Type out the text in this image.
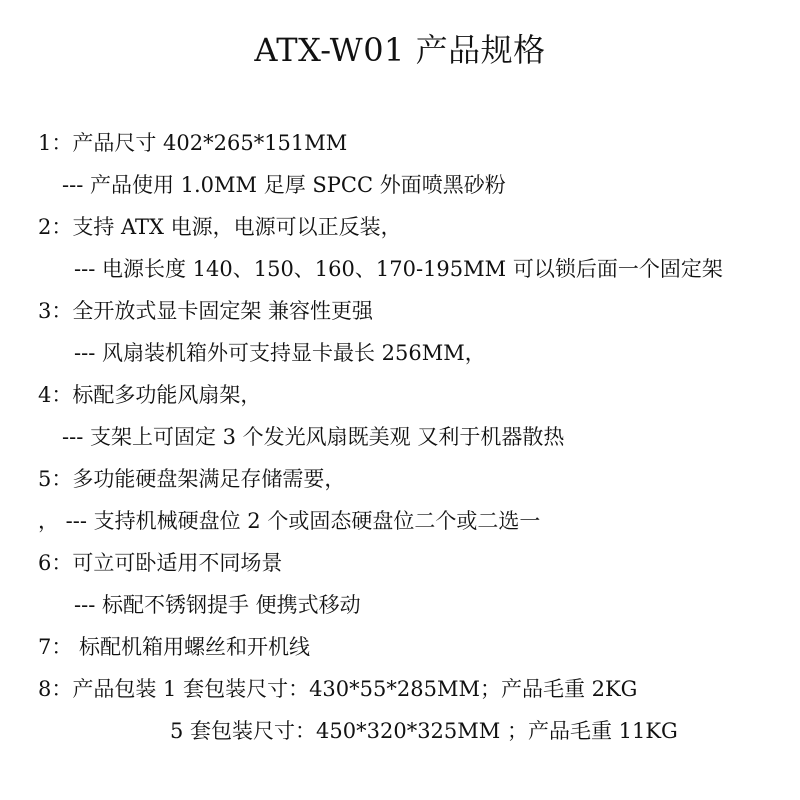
ATX-W01 产品规格
1：产品尺寸 402*265*151MM
--- 产品使用 1.0MM 足厚 SPCC 外面喷黑砂粉
2：支持 ATX 电源，电源可以正反装，
--- 电源长度 140、150、160、170-195MM 可以锁后面一个固定架
3：全开放式显卡固定架 兼容性更强
--- 风扇装机箱外可支持显卡最长 256MM，
4：标配多功能风扇架，
--- 支架上可固定 3 个发光风扇既美观 又利于机器散热
5：多功能硬盘架满足存储需要，
， --- 支持机械硬盘位 2 个或固态硬盘位二个或二选一
6：可立可卧适用不同场景
--- 标配不锈钢提手 便携式移动
7： 标配机箱用螺丝和开机线
8：产品包装 1 套包装尺寸：430*55*285MM；产品毛重 2KG
5 套包装尺寸：450*320*325MM ；产品毛重 11KG
